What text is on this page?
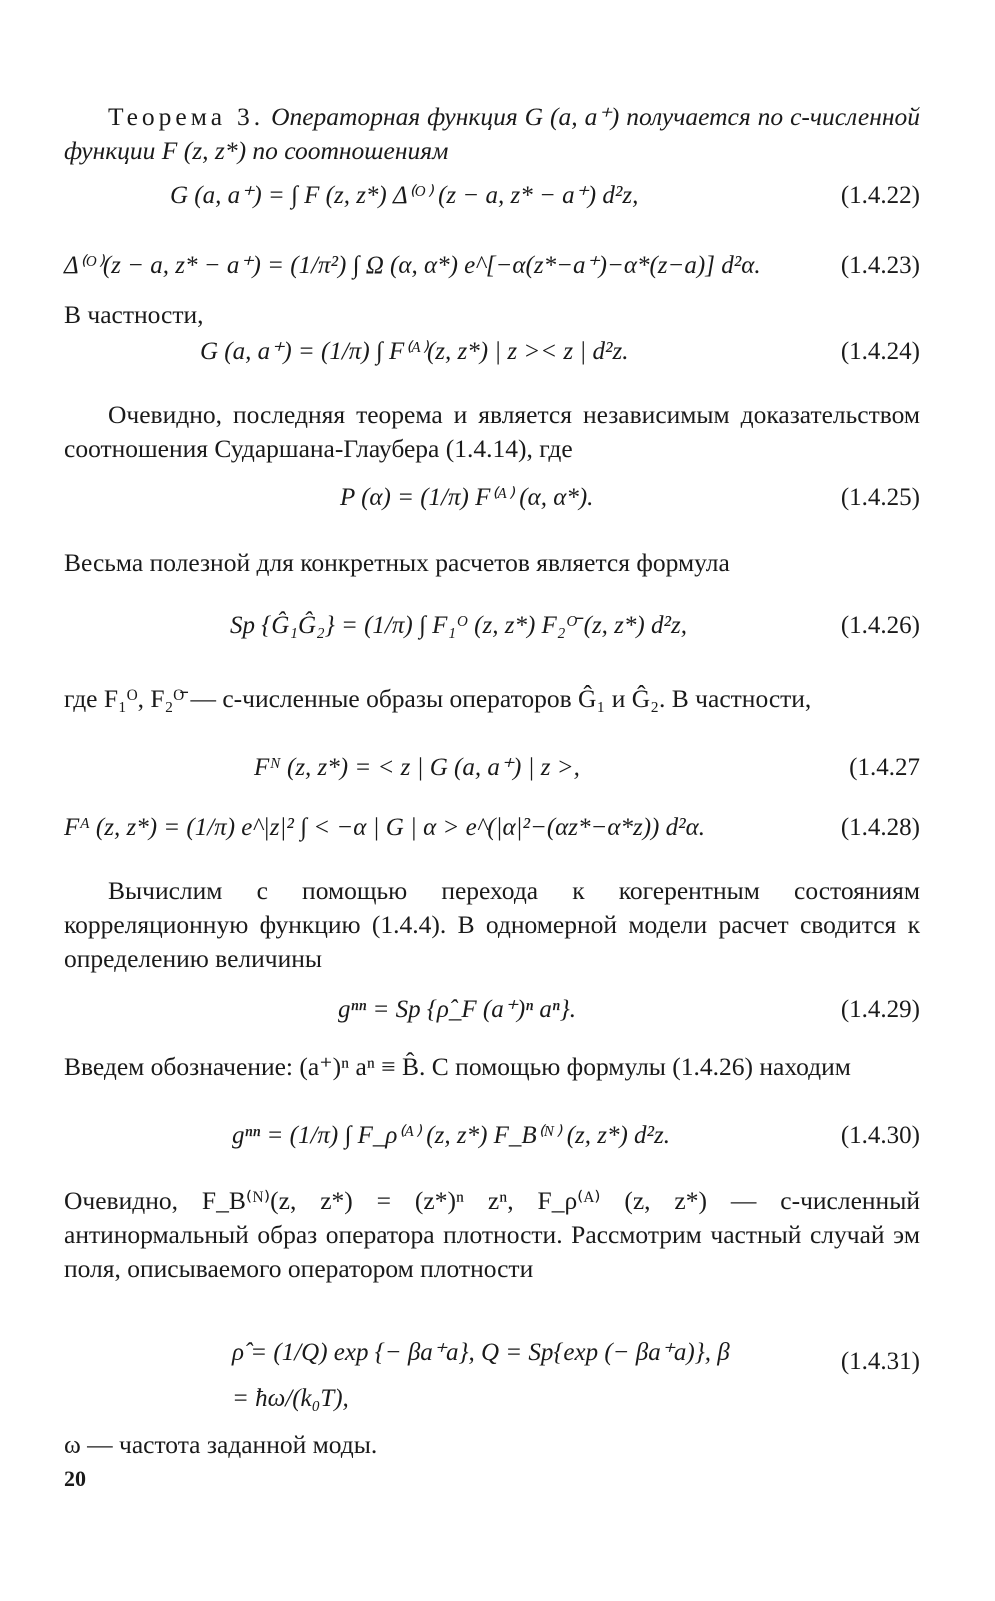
Теорема 3. Операторная функция G (a, a⁺) получается по c-численной функции F (z, z*) по соотношениям
G (a, a⁺) = ∫ F (z, z*) Δ⁽ᴼ⁾ (z − a, z* − a⁺) d²z,	(1.4.22)
Δ⁽ᴼ⁾(z − a, z* − a⁺) = (1/π²) ∫ Ω (α, α*) e^[−α(z*−a⁺)−α*(z−a)] d²α.	(1.4.23)
В частности,
G (a, a⁺) = (1/π) ∫ F⁽ᴬ⁾(z, z*) | z >< z | d²z.	(1.4.24)
Очевидно, последняя теорема и является независимым доказательством соотношения Сударшана-Глаубера (1.4.14), где
P (α) = (1/π) F⁽ᴬ⁾ (α, α*).	(1.4.25)
Весьма полезной для конкретных расчетов является формула
Sp {Ĝ₁Ĝ₂} = (1/π) ∫ F₁ᴼ (z, z*) F₂ᴼ̄ (z, z*) d²z,	(1.4.26)
где F₁ᴼ, F₂ᴼ̄ — c-численные образы операторов Ĝ₁ и Ĝ₂. В частности,
Fᴺ (z, z*) = < z | G (a, a⁺) | z >,	(1.4.27
Fᴬ (z, z*) = (1/π) e^|z|² ∫ < −α | G | α > e^(|α|²−(αz*−α*z)) d²α.	(1.4.28)
Вычислим с помощью перехода к когерентным состояниям корреляционную функцию (1.4.4). В одномерной модели расчет сводится к определению величины
gⁿⁿ = Sp {ρ̂_F (a⁺)ⁿ aⁿ}.	(1.4.29)
Введем обозначение: (a⁺)ⁿ aⁿ ≡ B̂. С помощью формулы (1.4.26) находим
gⁿⁿ = (1/π) ∫ F_ρ⁽ᴬ⁾ (z, z*) F_B⁽ᴺ⁾ (z, z*) d²z.	(1.4.30)
Очевидно, F_B⁽ᴺ⁾(z, z*) = (z*)ⁿ zⁿ, F_ρ⁽ᴬ⁾ (z, z*) — c-численный антинормальный образ оператора плотности. Рассмотрим частный случай эм поля, описываемого оператором плотности
ρ̂ = (1/Q) exp {− βa⁺a}, Q = Sp{exp (− βa⁺a)}, β = ħω/(k₀T),
(1.4.31)
ω — частота заданной моды.
20
